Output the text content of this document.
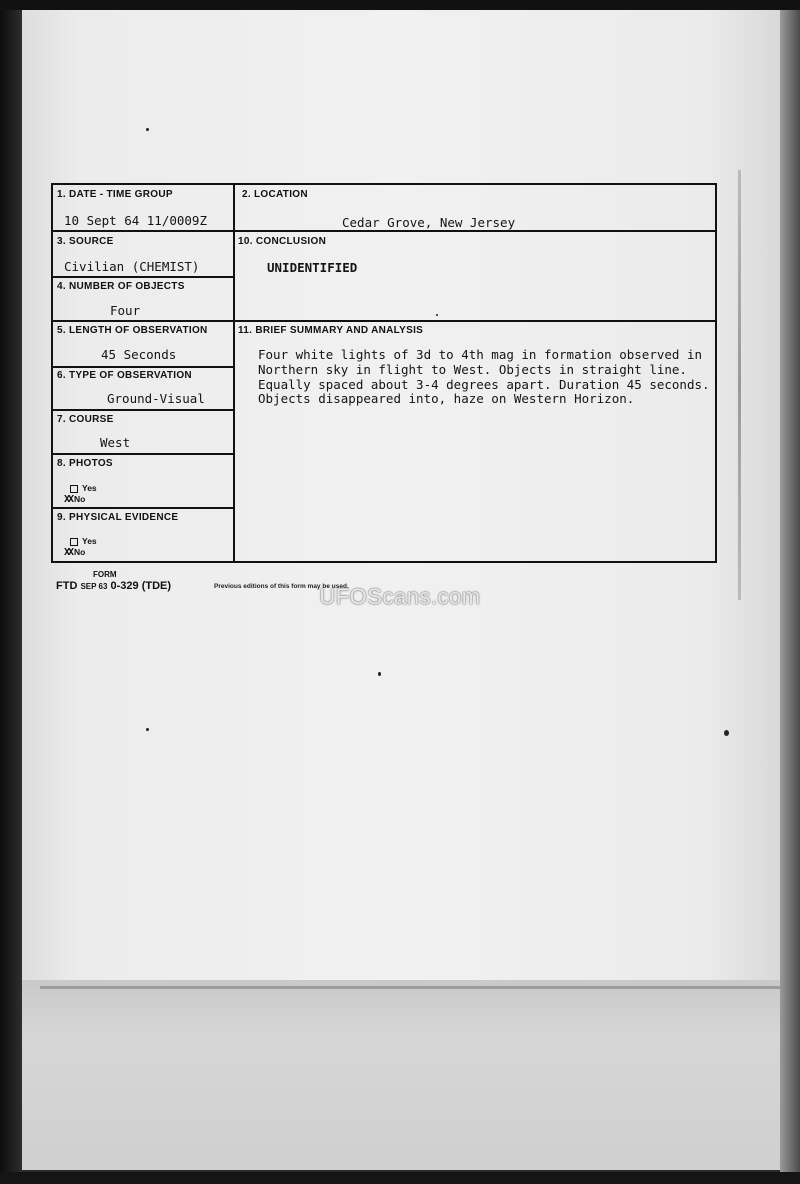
1. DATE - TIME GROUP
10 Sept 64 11/0009Z
2. LOCATION
Cedar Grove, New Jersey
3. SOURCE
Civilian (CHEMIST)
10. CONCLUSION
UNIDENTIFIED
4. NUMBER OF OBJECTS
Four
5. LENGTH OF OBSERVATION
45 Seconds
11. BRIEF SUMMARY AND ANALYSIS
Four white lights of 3d to 4th mag in formation observed in
Northern sky in flight to West. Objects in straight line.
Equally spaced about 3-4 degrees apart. Duration 45 seconds.
Objects disappeared into, haze on Western Horizon.
6. TYPE OF OBSERVATION
Ground-Visual
7. COURSE
West
8. PHOTOS
Yes
XX No
9. PHYSICAL EVIDENCE
Yes
XX No
FORM
FTD SEP 63 0-329 (TDE)	Previous editions of this form may be used.
UFOScans.com
